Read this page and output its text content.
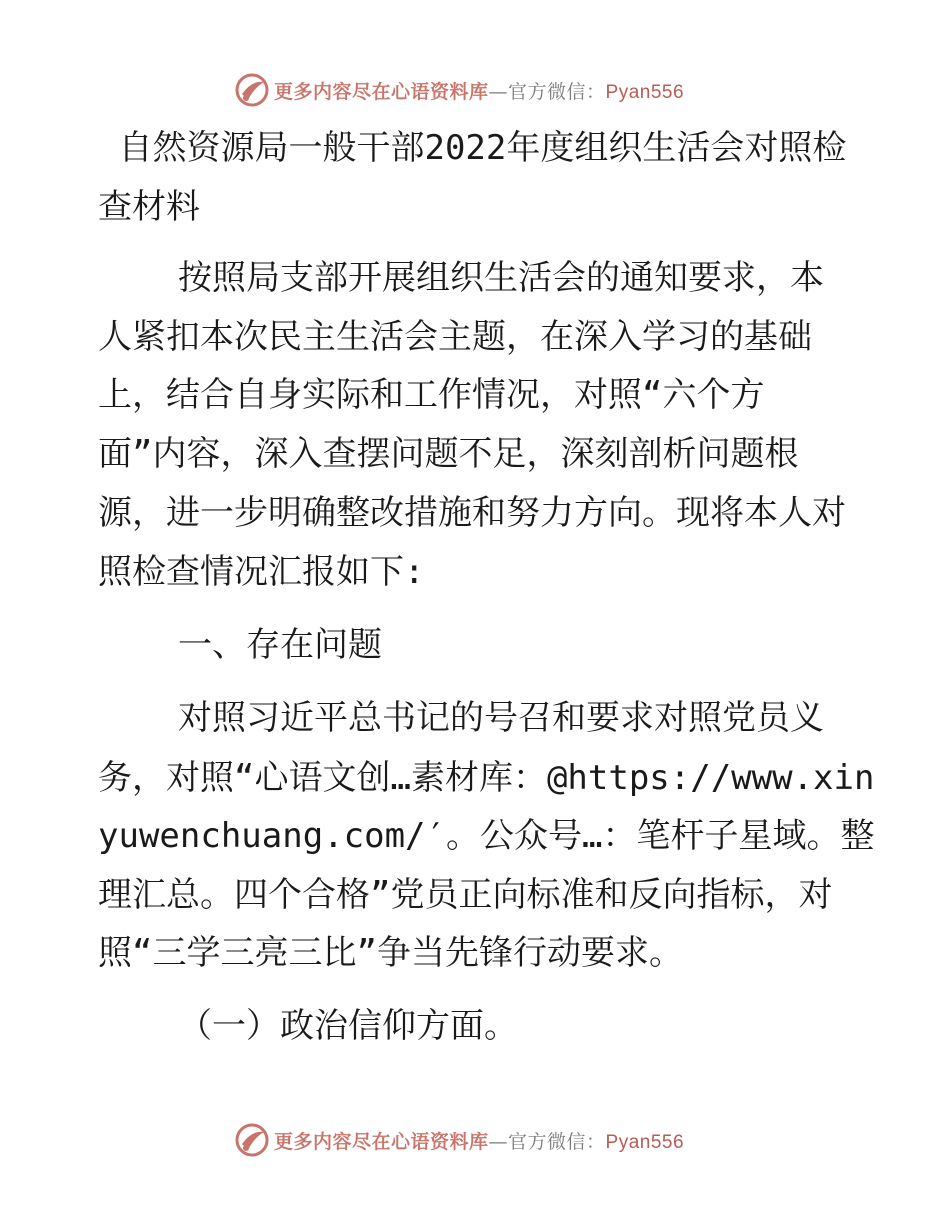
更多内容尽在心语资料库—官方微信：Pyan556
自然资源局一般干部2022年度组织生活会对照检
查材料
按照局支部开展组织生活会的通知要求，本
人紧扣本次民主生活会主题，在深入学习的基础
上，结合自身实际和工作情况，对照“六个方
面”内容，深入查摆问题不足，深刻剖析问题根
源，进一步明确整改措施和努力方向。现将本人对
照检查情况汇报如下:
一、存在问题
对照习近平总书记的号召和要求对照党员义
务，对照“心语文创…素材库：@https://www.xin
yuwenchuang.com/′。公众号…：笔杆子星域。整
理汇总。四个合格”党员正向标准和反向指标，对
照“三学三亮三比”争当先锋行动要求。
（一）政治信仰方面。
更多内容尽在心语资料库—官方微信：Pyan556
